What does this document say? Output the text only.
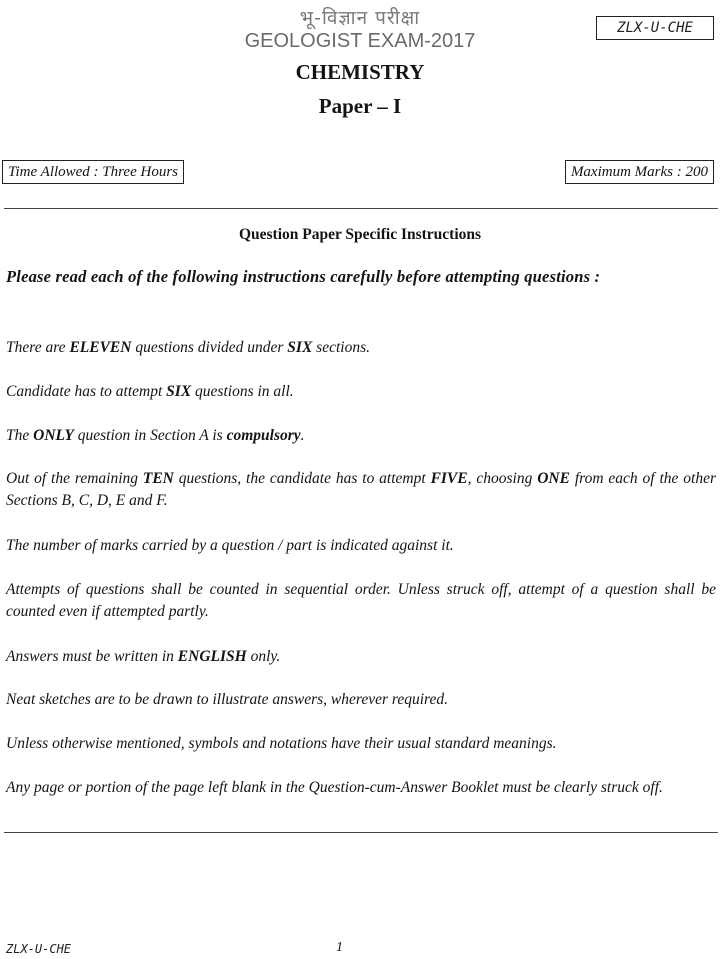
भू-विज्ञान परीक्षा
GEOLOGIST EXAM-2017
ZLX-U-CHE
CHEMISTRY
Paper – I
Time Allowed : Three Hours	Maximum Marks : 200
Question Paper Specific Instructions
Please read each of the following instructions carefully before attempting questions :
There are ELEVEN questions divided under SIX sections.
Candidate has to attempt SIX questions in all.
The ONLY question in Section A is compulsory.
Out of the remaining TEN questions, the candidate has to attempt FIVE, choosing ONE from each of the other Sections B, C, D, E and F.
The number of marks carried by a question / part is indicated against it.
Attempts of questions shall be counted in sequential order. Unless struck off, attempt of a question shall be counted even if attempted partly.
Answers must be written in ENGLISH only.
Neat sketches are to be drawn to illustrate answers, wherever required.
Unless otherwise mentioned, symbols and notations have their usual standard meanings.
Any page or portion of the page left blank in the Question-cum-Answer Booklet must be clearly struck off.
ZLX-U-CHE	1
